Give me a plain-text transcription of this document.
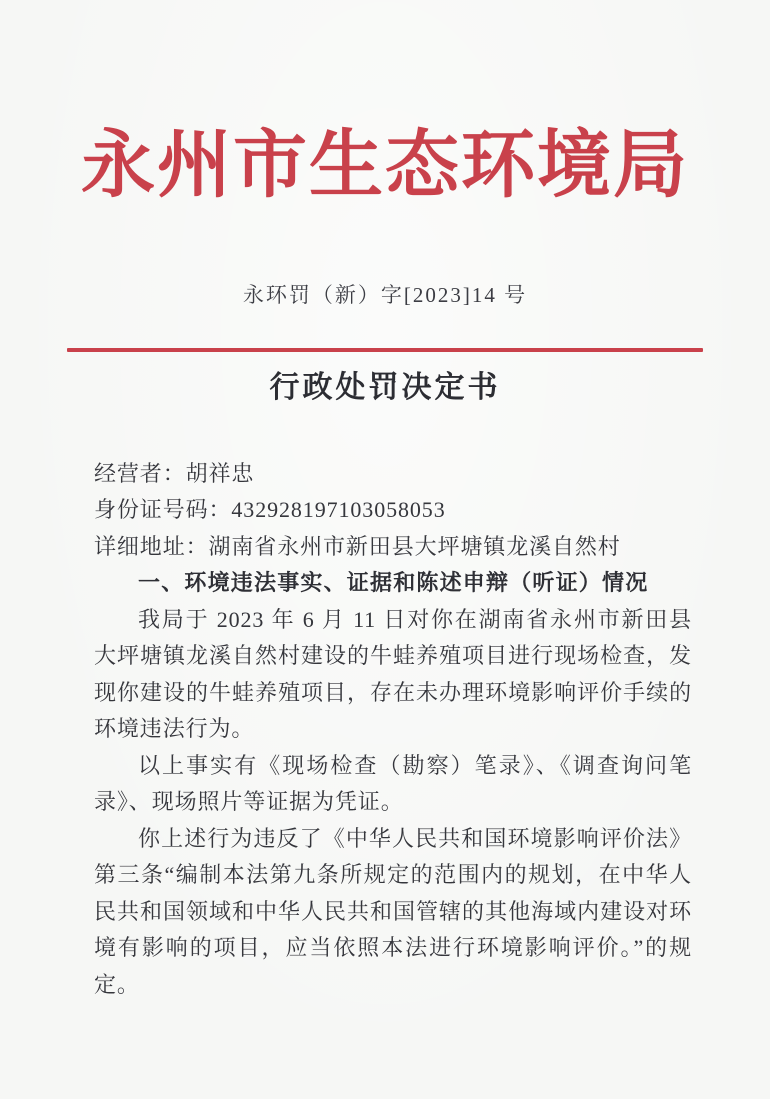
永州市生态环境局
永环罚（新）字[2023]14 号
行政处罚决定书

经营者：胡祥忠

身份证号码：432928197103058053

详细地址：湖南省永州市新田县大坪塘镇龙溪自然村

一、环境违法事实、证据和陈述申辩（听证）情况

我局于 2023 年 6 月 11 日对你在湖南省永州市新田县大坪塘镇龙溪自然村建设的牛蛙养殖项目进行现场检查，发现你建设的牛蛙养殖项目，存在未办理环境影响评价手续的环境违法行为。

以上事实有《现场检查（勘察）笔录》、《调查询问笔录》、现场照片等证据为凭证。

你上述行为违反了《中华人民共和国环境影响评价法》第三条“编制本法第九条所规定的范围内的规划，在中华人民共和国领域和中华人民共和国管辖的其他海域内建设对环境有影响的项目，应当依照本法进行环境影响评价。”的规定。
